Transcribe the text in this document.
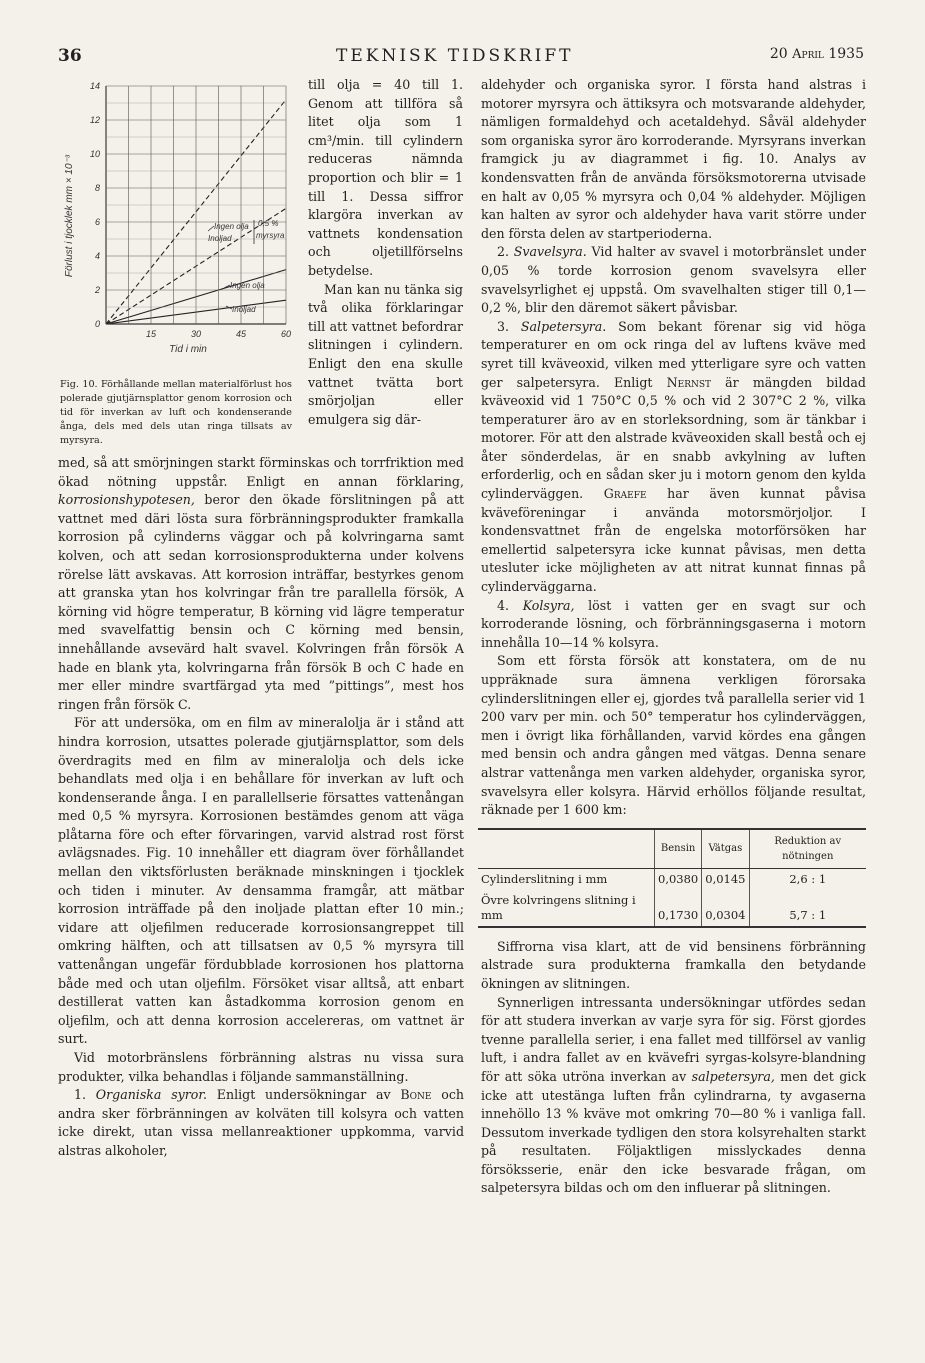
36	TEKNISK TIDSKRIFT	20 April 1935
14
12
10
8
6
4
2
0
60
45
30
15
Förlust i tjocklek mm × 10⁻³
Tid i min
Ingen olja
Inoljad
0,5 %
myrsyra
Ingen olja
Inoljad
Fig. 10. Förhållande mellan materialförlust hos polerade gjutjärnsplattor genom korrosion och tid för inverkan av luft och kondenserande ånga, dels med dels utan ringa tillsats av myrsyra.

till olja = 40 till 1. Genom att tillföra så litet olja som 1 cm³/min. till cylindern reduceras nämnda proportion och blir = 1 till 1. Dessa siffror klargöra inverkan av vattnets kondensation och oljetillförselns betydelse.

Man kan nu tänka sig två olika förklaringar till att vattnet befordrar slitningen i cylindern. Enligt den ena skulle vattnet tvätta bort smörjoljan eller emulgera sig där-

med, så att smörjningen starkt förminskas och torrfriktion med ökad nötning uppstår. Enligt en annan förklaring, korrosionshypotesen, beror den ökade förslitningen på att vattnet med däri lösta sura förbränningsprodukter framkalla korrosion på cylinderns väggar och på kolvringarna samt kolven, och att sedan korrosionsprodukterna under kolvens rörelse lätt avskavas. Att korrosion inträffar, bestyrkes genom att granska ytan hos kolvringar från tre parallella försök, A körning vid högre temperatur, B körning vid lägre temperatur med svavelfattig bensin och C körning med bensin, innehållande avsevärd halt svavel. Kolvringen från försök A hade en blank yta, kolvringarna från försök B och C hade en mer eller mindre svartfärgad yta med ”pittings”, mest hos ringen från försök C.

För att undersöka, om en film av mineralolja är i stånd att hindra korrosion, utsattes polerade gjutjärnsplattor, som dels överdragits med en film av mineralolja och dels icke behandlats med olja i en behållare för inverkan av luft och kondenserande ånga. I en parallellserie försattes vattenångan med 0,5 % myrsyra. Korrosionen bestämdes genom att väga plåtarna före och efter förvaringen, varvid alstrad rost först avlägsnades. Fig. 10 innehåller ett diagram över förhållandet mellan den viktsförlusten beräknade minskningen i tjocklek och tiden i minuter. Av densamma framgår, att mätbar korrosion inträffade på den inoljade plattan efter 10 min.; vidare att oljefilmen reducerade korrosionsangreppet till omkring hälften, och att tillsatsen av 0,5 % myrsyra till vattenångan ungefär fördubblade korrosionen hos plattorna både med och utan oljefilm. Försöket visar alltså, att enbart destillerat vatten kan åstadkomma korrosion genom en oljefilm, och att denna korrosion accelereras, om vattnet är surt.

Vid motorbränslens förbränning alstras nu vissa sura produkter, vilka behandlas i följande sammanställning.

1. Organiska syror. Enligt undersökningar av Bone och andra sker förbränningen av kolväten till kolsyra och vatten icke direkt, utan vissa mellanreaktioner uppkomma, varvid alstras alkoholer,

aldehyder och organiska syror. I första hand alstras i motorer myrsyra och ättiksyra och motsvarande aldehyder, nämligen formaldehyd och acetaldehyd. Såväl aldehyder som organiska syror äro korroderande. Myrsyrans inverkan framgick ju av diagrammet i fig. 10. Analys av kondensvatten från de använda försöksmotorerna utvisade en halt av 0,05 % myrsyra och 0,04 % aldehyder. Möjligen kan halten av syror och aldehyder hava varit större under den första delen av startperioderna.

2. Svavelsyra. Vid halter av svavel i motorbränslet under 0,05 % torde korrosion genom svavelsyra eller svavelsyrlighet ej uppstå. Om svavelhalten stiger till 0,1—0,2 %, blir den däremot säkert påvisbar.

3. Salpetersyra. Som bekant förenar sig vid höga temperaturer en om ock ringa del av luftens kväve med syret till kväveoxid, vilken med ytterligare syre och vatten ger salpetersyra. Enligt Nernst är mängden bildad kväveoxid vid 1 750°C 0,5 % och vid 2 307°C 2 %, vilka temperaturer äro av en storleksordning, som är tänkbar i motorer. För att den alstrade kväveoxiden skall bestå och ej åter sönderdelas, är en snabb avkylning av luften erforderlig, och en sådan sker ju i motorn genom den kylda cylinderväggen. Graefe har även kunnat påvisa kväveföreningar i använda motorsmörjoljor. I kondensvattnet från de engelska motorförsöken har emellertid salpetersyra icke kunnat påvisas, men detta utesluter icke möjligheten av att nitrat kunnat finnas på cylinderväggarna.

4. Kolsyra, löst i vatten ger en svagt sur och korroderande lösning, och förbränningsgaserna i motorn innehålla 10—14 % kolsyra.

Som ett första försök att konstatera, om de nu uppräknade sura ämnena verkligen förorsaka cylinderslitningen eller ej, gjordes två parallella serier vid 1 200 varv per min. och 50° temperatur hos cylinderväggen, men i övrigt lika förhållanden, varvid kördes ena gången med bensin och andra gången med vätgas. Denna senare alstrar vattenånga men varken aldehyder, organiska syror, svavelsyra eller kolsyra. Härvid erhöllos följande resultat, räknade per 1 600 km:

	Bensin	Vätgas	Reduktion av nötningen
Cylinderslitning i mm	0,0380	0,0145	2,6 : 1
Övre kolvringens slitning i mm	0,1730	0,0304	5,7 : 1

Siffrorna visa klart, att de vid bensinens förbränning alstrade sura produkterna framkalla den betydande ökningen av slitningen.

Synnerligen intressanta undersökningar utfördes sedan för att studera inverkan av varje syra för sig. Först gjordes tvenne parallella serier, i ena fallet med tillförsel av vanlig luft, i andra fallet av en kvävefri syrgas-kolsyre-blandning för att söka utröna inverkan av salpetersyra, men det gick icke att utestänga luften från cylindrarna, ty avgaserna innehöllo 13 % kväve mot omkring 70—80 % i vanliga fall. Dessutom inverkade tydligen den stora kolsyrehalten starkt på resultaten. Följaktligen misslyckades denna försöksserie, enär den icke besvarade frågan, om salpetersyra bildas och om den influerar på slitningen.
